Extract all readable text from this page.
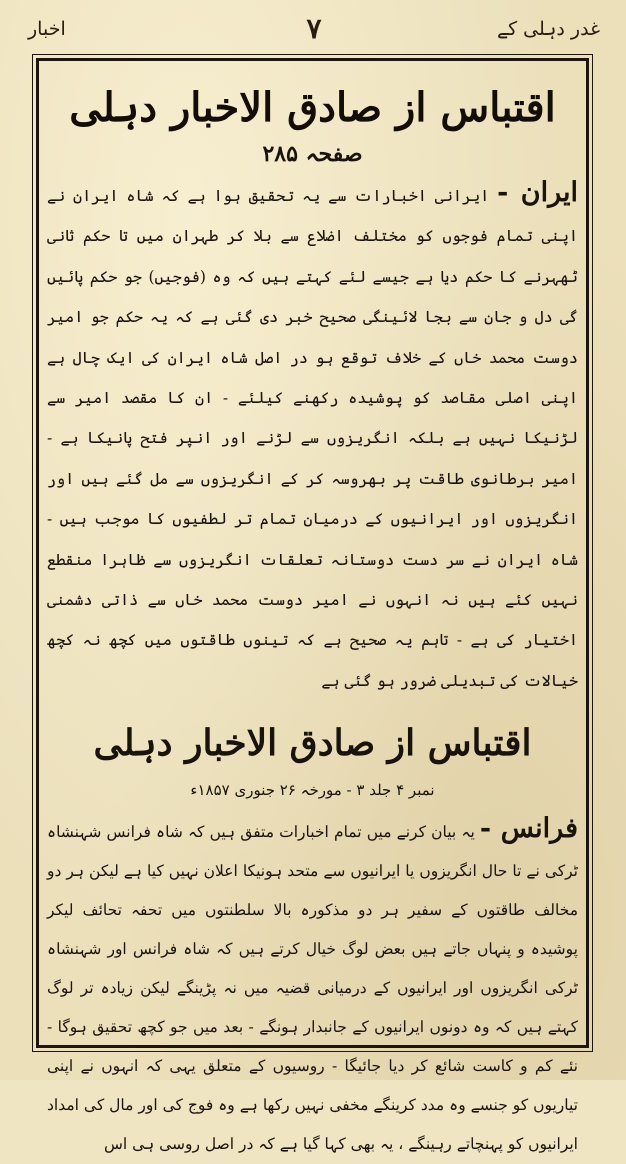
غدر دہلی کے
۷
اخبار
اقتباس از صادق الاخبار دہلی
صفحہ ۲۸۵

ایران - ایرانی اخبارات سے یہ تحقیق ہوا ہے کہ شاہ ایران نے اپنی تمام فوجوں کو مختلف اضلاع سے بلا کر طہران میں تا حکم ثانی ٹھہرنے کا حکم دیا ہے جیسے لئے کہتے ہیں کہ وہ (فوجیں) جو حکم پائیں گی دل و جان سے بجا لائینگی صحیح خبر دی گئی ہے کہ یہ حکم جو امیر دوست محمد خاں کے خلاف توقع ہو در اصل شاہ ایران کی ایک چال ہے اپنی اصلی مقاصد کو پوشیدہ رکھنے کیلئے - ان کا مقصد امیر سے لڑنیکا نہیں ہے بلکہ انگریزوں سے لڑنے اور انپر فتح پانیکا ہے - امیر برطانوی طاقت پر بھروسہ کر کے انگریزوں سے مل گئے ہیں اور انگریزوں اور ایرانیوں کے درمیان تمام تر لطفیوں کا موجب ہیں - شاہ ایران نے سر دست دوستانہ تعلقات انگریزوں سے ظاہرا منقطع نہیں کئے ہیں نہ انہوں نے امیر دوست محمد خاں سے ذاتی دشمنی اختیار کی ہے - تاہم یہ صحیح ہے کہ تینوں طاقتوں میں کچھ نہ کچھ خیالات کی تبدیلی ضرور ہو گئی ہے

اقتباس از صادق الاخبار دہلی
نمبر ۴ جلد ۳ - مورخہ ۲۶ جنوری ۱۸۵۷ء

فرانس - یہ بیان کرنے میں تمام اخبارات متفق ہیں کہ شاہ فرانس شہنشاہ ٹرکی نے تا حال انگریزوں یا ایرانیوں سے متحد ہونیکا اعلان نہیں کیا ہے لیکن ہر دو مخالف طاقتوں کے سفیر ہر دو مذکورہ بالا سلطنتوں میں تحفہ تحائف لیکر پوشیدہ و پنہاں جاتے ہیں بعض لوگ خیال کرتے ہیں کہ شاہ فرانس اور شہنشاہ ٹرکی انگریزوں اور ایرانیوں کے درمیانی قضیہ میں نہ پڑینگے لیکن زیادہ تر لوگ کہتے ہیں کہ وہ دونوں ایرانیوں کے جانبدار ہونگے - بعد میں جو کچھ تحقیق ہوگا - نئے کم و کاست شائع کر دیا جائیگا - روسیوں کے متعلق یہی کہ انہوں نے اپنی تیاریوں کو جنسے وہ مدد کرینگے مخفی نہیں رکھا ہے وہ فوج کی اور مال کی امداد ایرانیوں کو پہنچاتے رہینگے ، یہ بھی کہا گیا ہے کہ در اصل روسی ہی اس
